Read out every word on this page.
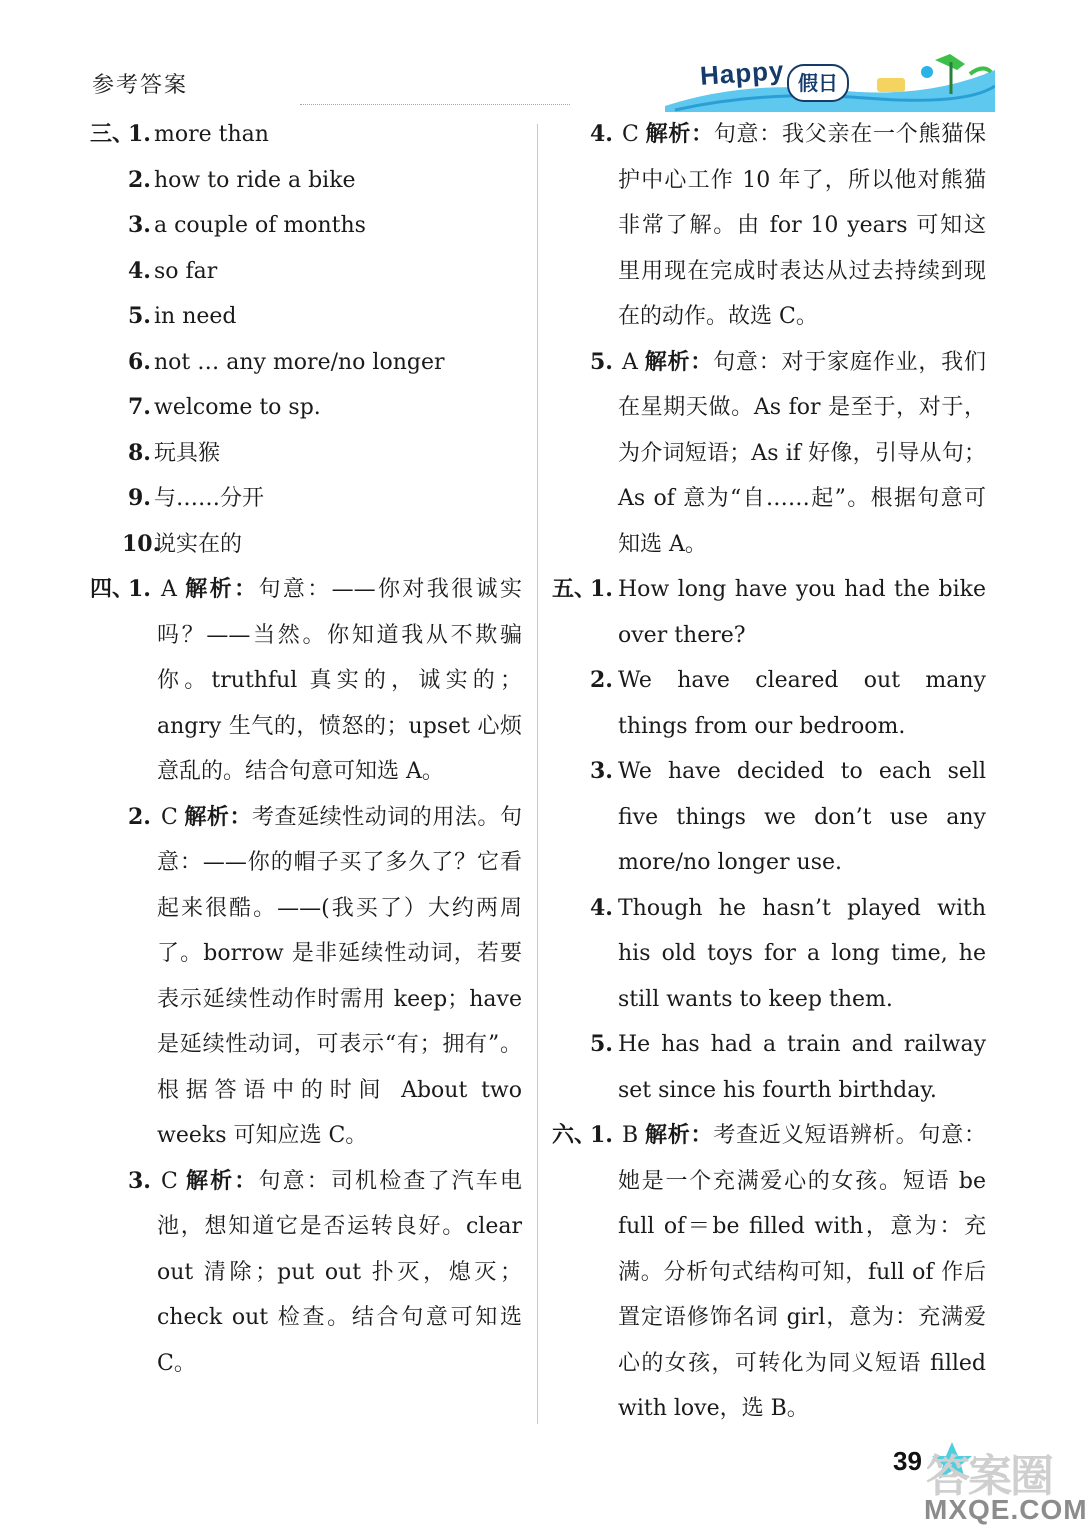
参考答案	Happy 假日
三、
1. more than
2. how to ride a bike
3. a couple of months
4. so far
5. in need
6. not … any more/no longer
7. welcome to sp.
8. 玩具猴
9. 与……分开
10.
说实在的
四、
1. A 解析：句意：——你对我很诚实吗？——当然。你知道我从不欺骗你。truthful 真实的，诚实的；angry 生气的，愤怒的；upset 心烦意乱的。结合句意可知选 A。
2. C 解析：考查延续性动词的用法。句意：——你的帽子买了多久了？它看起来很酷。——(我买了）大约两周了。borrow 是非延续性动词，若要表示延续性动作时需用 keep；have 是延续性动词，可表示“有；拥有”。根据答语中的时间 About two weeks 可知应选 C。
3. C 解析：句意：司机检查了汽车电池，想知道它是否运转良好。clear out 清除；put out 扑灭，熄灭；check out 检查。结合句意可知选 C。
4. C 解析：句意：我父亲在一个熊猫保护中心工作 10 年了，所以他对熊猫非常了解。由 for 10 years 可知这里用现在完成时表达从过去持续到现在的动作。故选 C。
5. A 解析：句意：对于家庭作业，我们在星期天做。As for 是至于，对于，为介词短语；As if 好像，引导从句；As of 意为“自……起”。根据句意可知选 A。
五、
1. How long have you had the bike over there?
2. We have cleared out many things from our bedroom.
3. We have decided to each sell five things we don’t use any more/no longer use.
4. Though he hasn’t played with his old toys for a long time, he still wants to keep them.
5. He has had a train and railway set since his fourth birthday.
六、
1. B 解析：考查近义短语辨析。句意：她是一个充满爱心的女孩。短语 be full of＝be filled with，意为：充满。分析句式结构可知，full of 作后置定语修饰名词 girl，意为：充满爱心的女孩，可转化为同义短语 filled with love，选 B。
39 答案圈
MXQE.COM
